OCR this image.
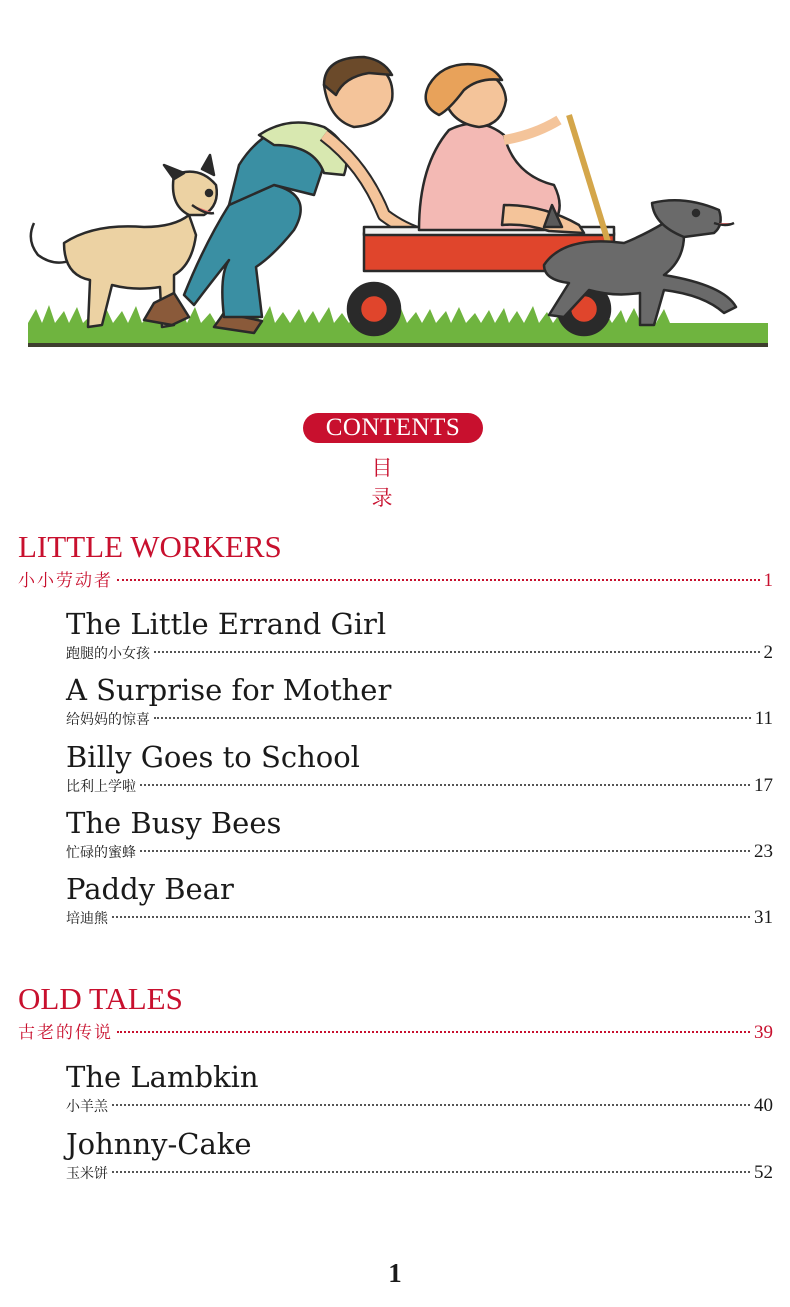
CONTENTS
目录
LITTLE WORKERS
小小劳动者	1
The Little Errand Girl
跑腿的小女孩	2
A Surprise for Mother
给妈妈的惊喜	11
Billy Goes to School
比利上学啦	17
The Busy Bees
忙碌的蜜蜂	23
Paddy Bear
培迪熊	31
OLD TALES
古老的传说	39
The Lambkin
小羊羔	40
Johnny-Cake
玉米饼	52
1
